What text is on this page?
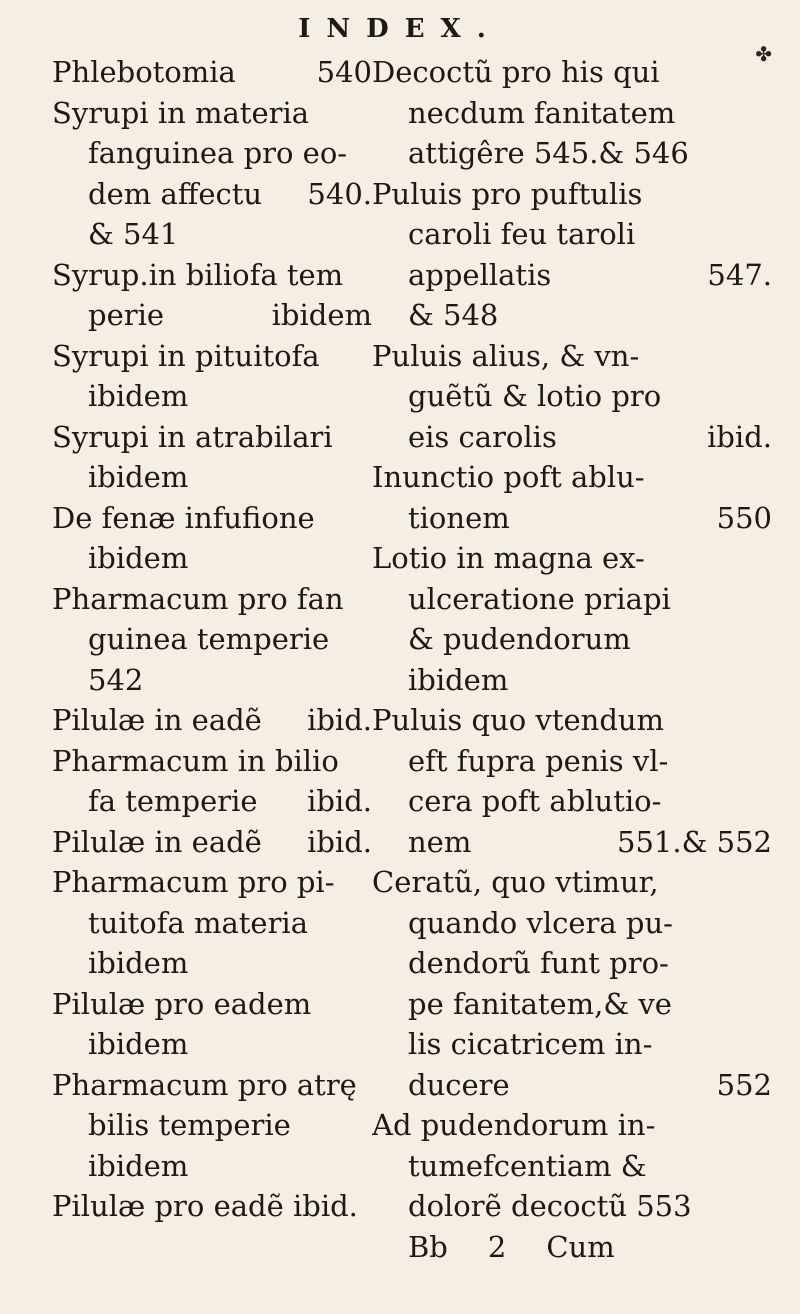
INDEX.
✤
Phlebotomia	540
Syrupi in materia
fanguinea pro eo-
dem affectu 540.
& 541
Syrup.in biliofa tem
perie	ibidem
Syrupi in pituitofa
ibidem
Syrupi in atrabilari
ibidem
De fenæ infufione
ibidem
Pharmacum pro fan
guinea temperie
542
Pilulæ in eadẽ ibid.
Pharmacum in bilio
fa temperie ibid.
Pilulæ in eadẽ ibid.
Pharmacum pro pi-
tuitofa materia
ibidem
Pilulæ pro eadem
ibidem
Pharmacum pro atrę
bilis temperie
ibidem
Pilulæ pro eadẽ ibid.
Decoctũ pro his qui
necdum fanitatem
attigêre 545.& 546
Puluis pro puftulis
caroli feu taroli
appellatis	547.
& 548
Puluis alius, & vn-
guẽtũ & lotio pro
eis carolis	ibid.
Inunctio poft ablu-
tionem	550
Lotio in magna ex-
ulceratione priapi
& pudendorum
ibidem
Puluis quo vtendum
eft fupra penis vl-
cera poft ablutio-
nem	551.& 552
Ceratũ, quo vtimur,
quando vlcera pu-
dendorũ funt pro-
pe fanitatem,& ve
lis cicatricem in-
ducere	552
Ad pudendorum in-
tumefcentiam &
dolorẽ decoctũ 553
Bb 2 Cum
